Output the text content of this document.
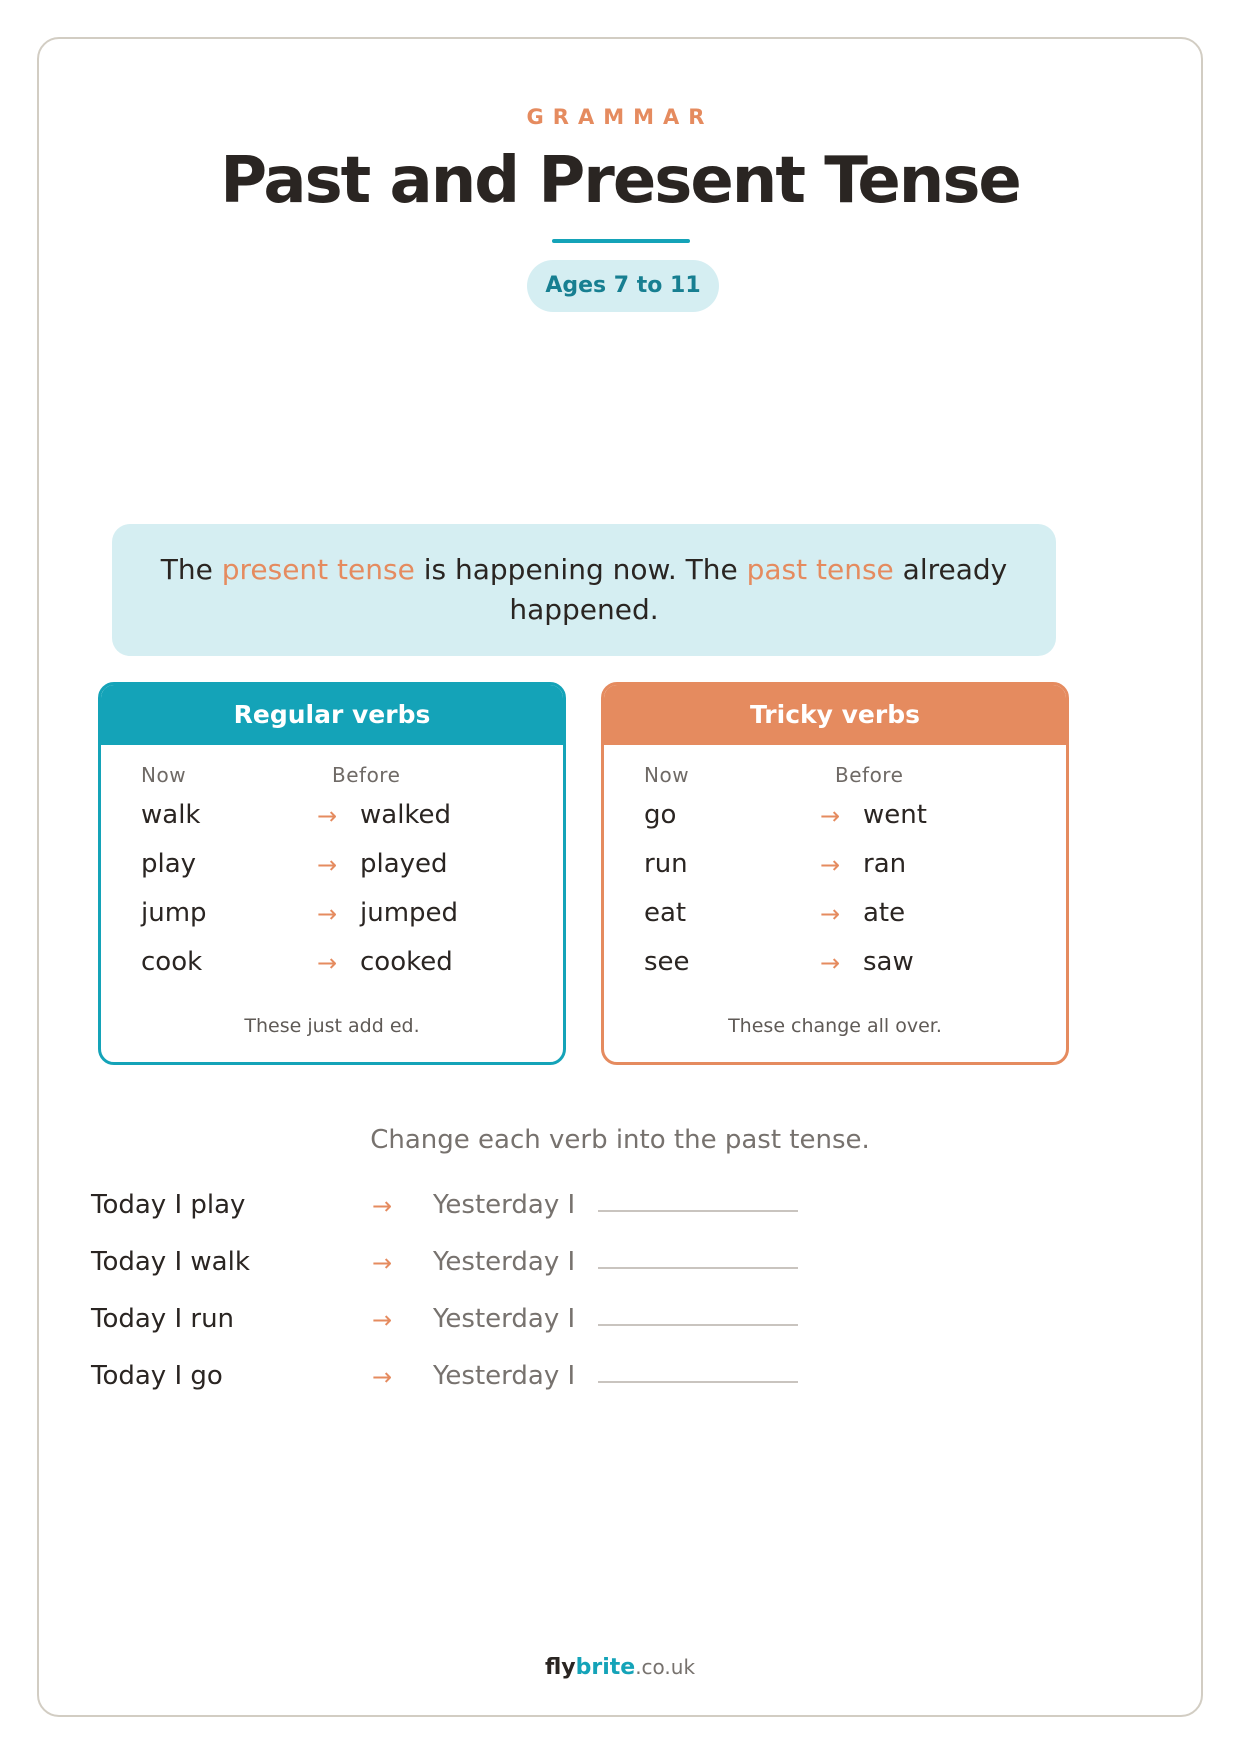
GRAMMAR
Past and Present Tense
Ages 7 to 11
The present tense is happening now. The past tense already happened.
Regular verbs
Now	Before
walk	→ walked
play	→ played
jump	→ jumped
cook	→ cooked
These just add ed.
Tricky verbs
Now	Before
go	→ went
run	→ ran
eat	→ ate
see	→ saw
These change all over.
Change each verb into the past tense.
Today I play	→ Yesterday I
Today I walk	→ Yesterday I
Today I run	→ Yesterday I
Today I go	→ Yesterday I
flybrite.co.uk
